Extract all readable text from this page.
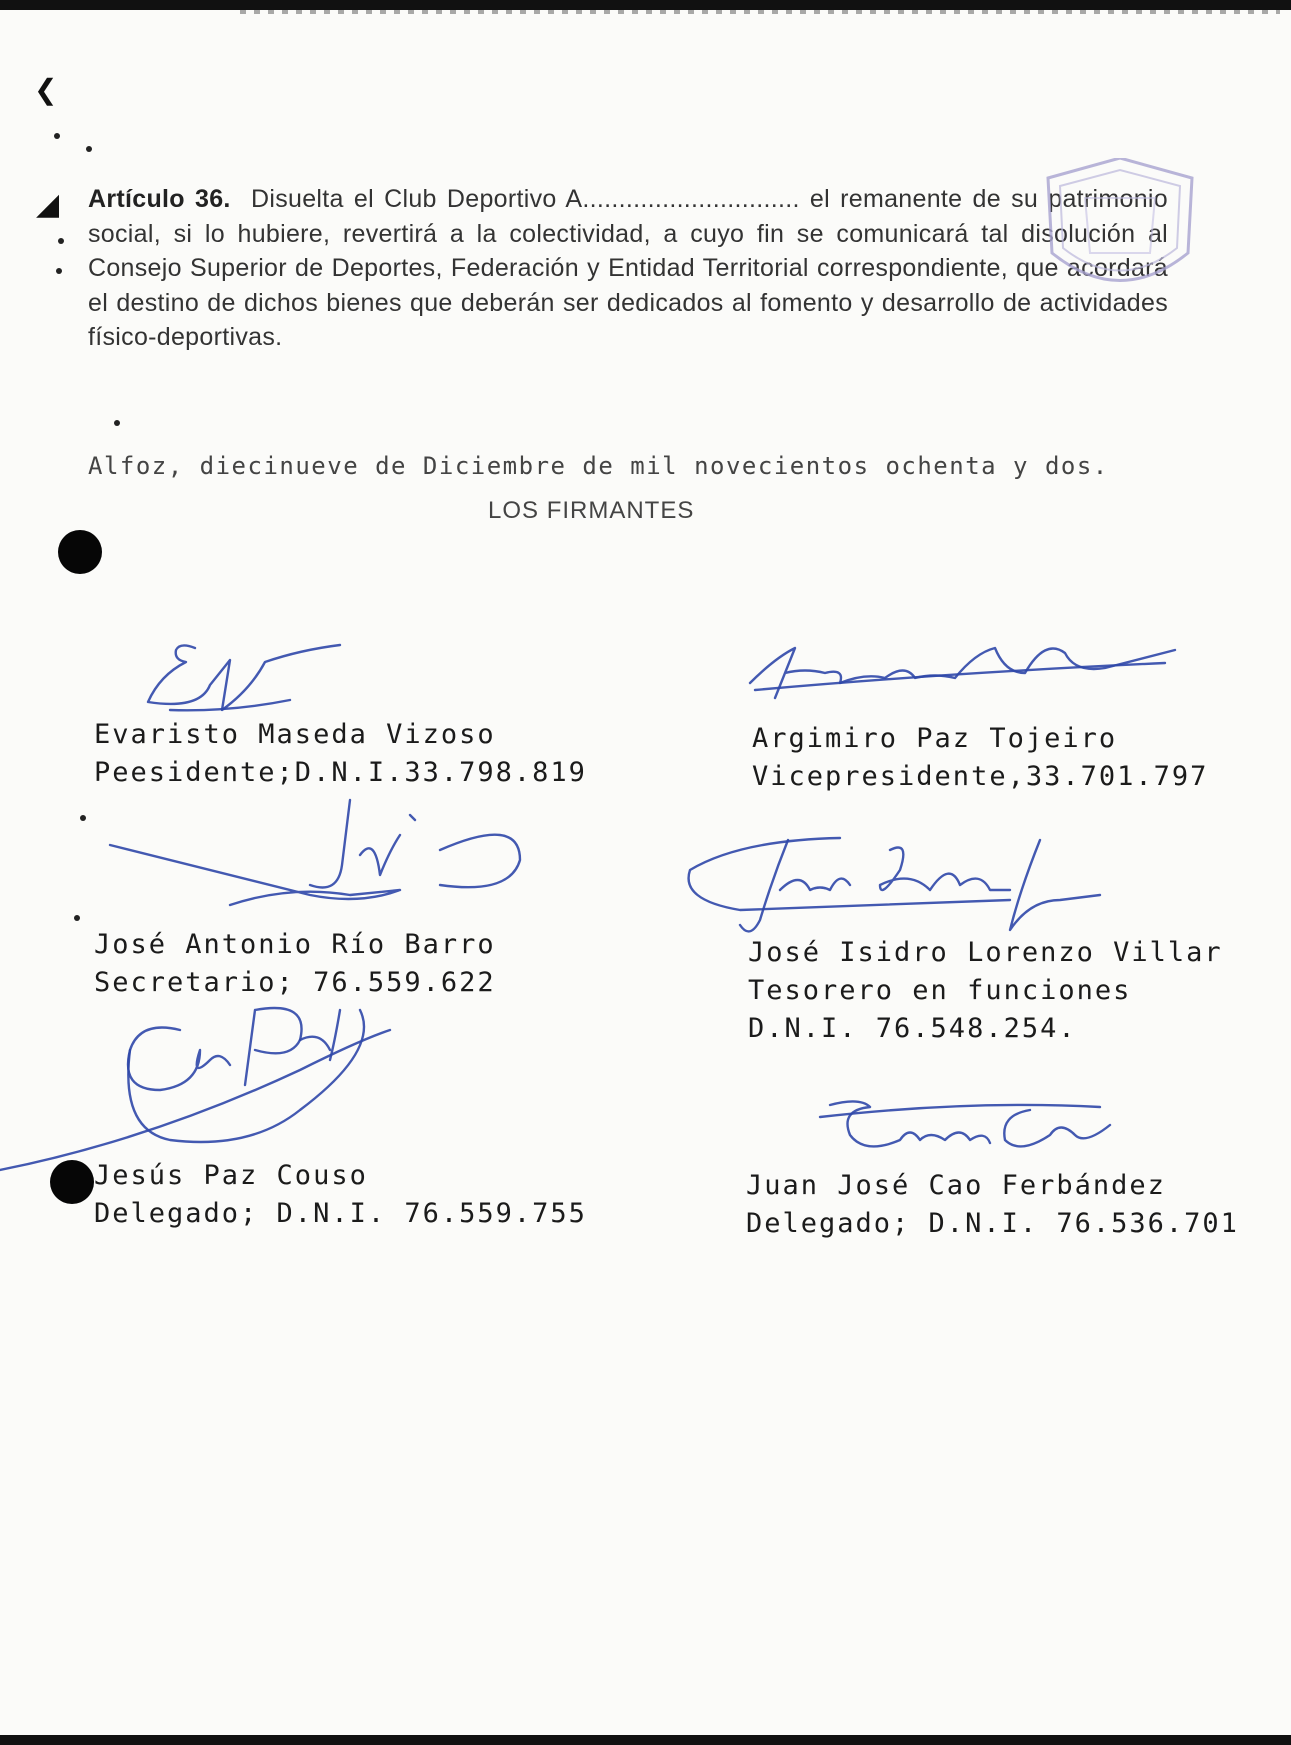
❮
◢ Artículo 36. Disuelta el Club Deportivo A.............................. el remanente de su patrimonio social, si lo hubiere, revertirá a la colectividad, a cuyo fin se comunicará tal disolución al Consejo Superior de Deportes, Federación y Entidad Territorial correspondiente, que acordará el destino de dichos bienes que deberán ser dedicados al fomento y desarrollo de actividades físico-deportivas.

Alfoz, diecinueve de Diciembre de mil novecientos ochenta y dos.
LOS FIRMANTES
Evaristo Maseda Vizoso
Peesidente;D.N.I.33.798.819
Argimiro Paz Tojeiro
Vicepresidente,33.701.797
José Antonio Río Barro
Secretario; 76.559.622
José Isidro Lorenzo Villar
Tesorero en funciones
D.N.I. 76.548.254.
Jesús Paz Couso
Delegado; D.N.I. 76.559.755
Juan José Cao Ferbández
Delegado; D.N.I. 76.536.701
